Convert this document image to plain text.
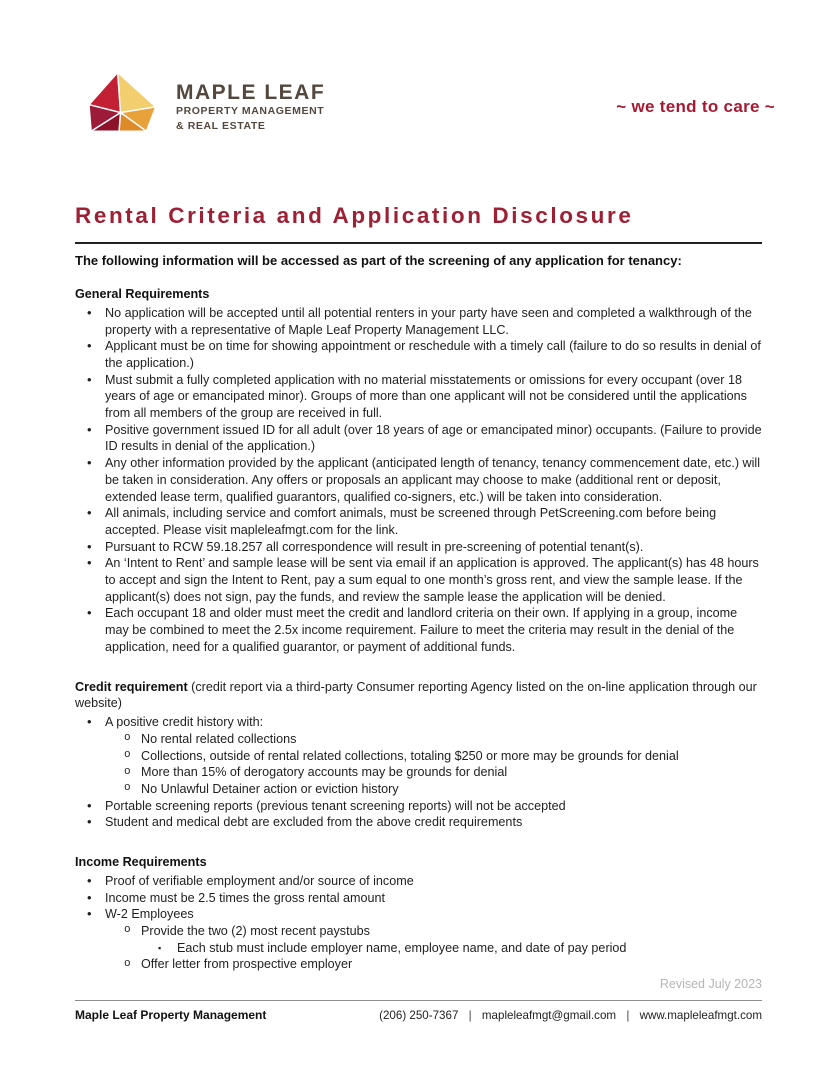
MAPLE LEAF
PROPERTY MANAGEMENT
& REAL ESTATE
~ we tend to care ~
Rental Criteria and Application Disclosure

The following information will be accessed as part of the screening of any application for tenancy:

General Requirements

• No application will be accepted until all potential renters in your party have seen and completed a walkthrough of the property with a representative of Maple Leaf Property Management LLC.
• Applicant must be on time for showing appointment or reschedule with a timely call (failure to do so results in denial of the application.)
• Must submit a fully completed application with no material misstatements or omissions for every occupant (over 18 years of age or emancipated minor). Groups of more than one applicant will not be considered until the applications from all members of the group are received in full.
• Positive government issued ID for all adult (over 18 years of age or emancipated minor) occupants. (Failure to provide ID results in denial of the application.)
• Any other information provided by the applicant (anticipated length of tenancy, tenancy commencement date, etc.) will be taken in consideration. Any offers or proposals an applicant may choose to make (additional rent or deposit, extended lease term, qualified guarantors, qualified co-signers, etc.) will be taken into consideration.
• All animals, including service and comfort animals, must be screened through PetScreening.com before being accepted. Please visit mapleleafmgt.com for the link.
• Pursuant to RCW 59.18.257 all correspondence will result in pre-screening of potential tenant(s).
• An ‘Intent to Rent’ and sample lease will be sent via email if an application is approved. The applicant(s) has 48 hours to accept and sign the Intent to Rent, pay a sum equal to one month’s gross rent, and view the sample lease. If the applicant(s) does not sign, pay the funds, and review the sample lease the application will be denied.
• Each occupant 18 and older must meet the credit and landlord criteria on their own. If applying in a group, income may be combined to meet the 2.5x income requirement. Failure to meet the criteria may result in the denial of the application, need for a qualified guarantor, or payment of additional funds.

Credit requirement (credit report via a third-party Consumer reporting Agency listed on the on-line application through our website)

• A positive credit history with:
o No rental related collections
o Collections, outside of rental related collections, totaling $250 or more may be grounds for denial
o More than 15% of derogatory accounts may be grounds for denial
o No Unlawful Detainer action or eviction history
• Portable screening reports (previous tenant screening reports) will not be accepted
• Student and medical debt are excluded from the above credit requirements

Income Requirements

• Proof of verifiable employment and/or source of income
• Income must be 2.5 times the gross rental amount
• W-2 Employees
o Provide the two (2) most recent paystubs
▪ Each stub must include employer name, employee name, and date of pay period
o Offer letter from prospective employer
Revised July 2023
Maple Leaf Property Management	(206) 250-7367 | mapleleafmgt@gmail.com | www.mapleleafmgt.com
